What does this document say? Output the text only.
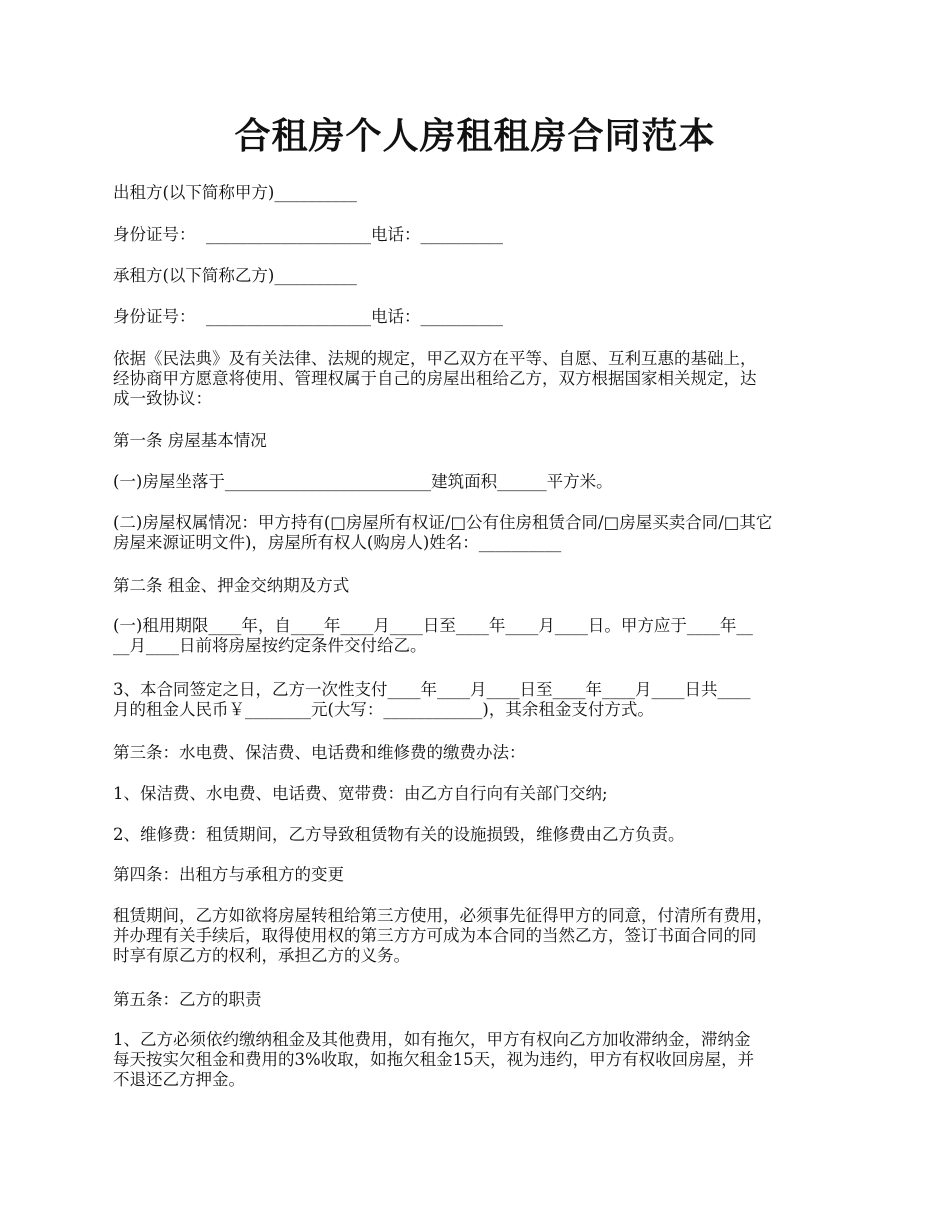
合租房个人房租租房合同范本

出租方(以下简称甲方)__________

身份证号：  ____________________电话：__________

承租方(以下简称乙方)__________

身份证号：  ____________________电话：__________

依据《民法典》及有关法律、法规的规定，甲乙双方在平等、自愿、互利互惠的基础上，
经协商甲方愿意将使用、管理权属于自己的房屋出租给乙方，双方根据国家相关规定，达
成一致协议：

第一条 房屋基本情况

(一)房屋坐落于_________________________建筑面积______平方米。

(二)房屋权属情况：甲方持有(□房屋所有权证/□公有住房租赁合同/□房屋买卖合同/□其它
房屋来源证明文件)，房屋所有权人(购房人)姓名：__________

第二条 租金、押金交纳期及方式

(一)租用期限____年，自____年____月____日至____年____月____日。甲方应于____年__
__月____日前将房屋按约定条件交付给乙。

3、本合同签定之日，乙方一次性支付____年____月____日至____年____月____日共____
月的租金人民币￥________元(大写：____________)，其余租金支付方式。

第三条：水电费、保洁费、电话费和维修费的缴费办法：

1、保洁费、水电费、电话费、宽带费：由乙方自行向有关部门交纳;

2、维修费：租赁期间，乙方导致租赁物有关的设施损毁，维修费由乙方负责。

第四条：出租方与承租方的变更

租赁期间，乙方如欲将房屋转租给第三方使用，必须事先征得甲方的同意，付清所有费用，
并办理有关手续后，取得使用权的第三方方可成为本合同的当然乙方，签订书面合同的同
时享有原乙方的权利，承担乙方的义务。

第五条：乙方的职责

1、乙方必须依约缴纳租金及其他费用，如有拖欠，甲方有权向乙方加收滞纳金，滞纳金
每天按实欠租金和费用的3%收取，如拖欠租金15天，视为违约，甲方有权收回房屋，并
不退还乙方押金。
